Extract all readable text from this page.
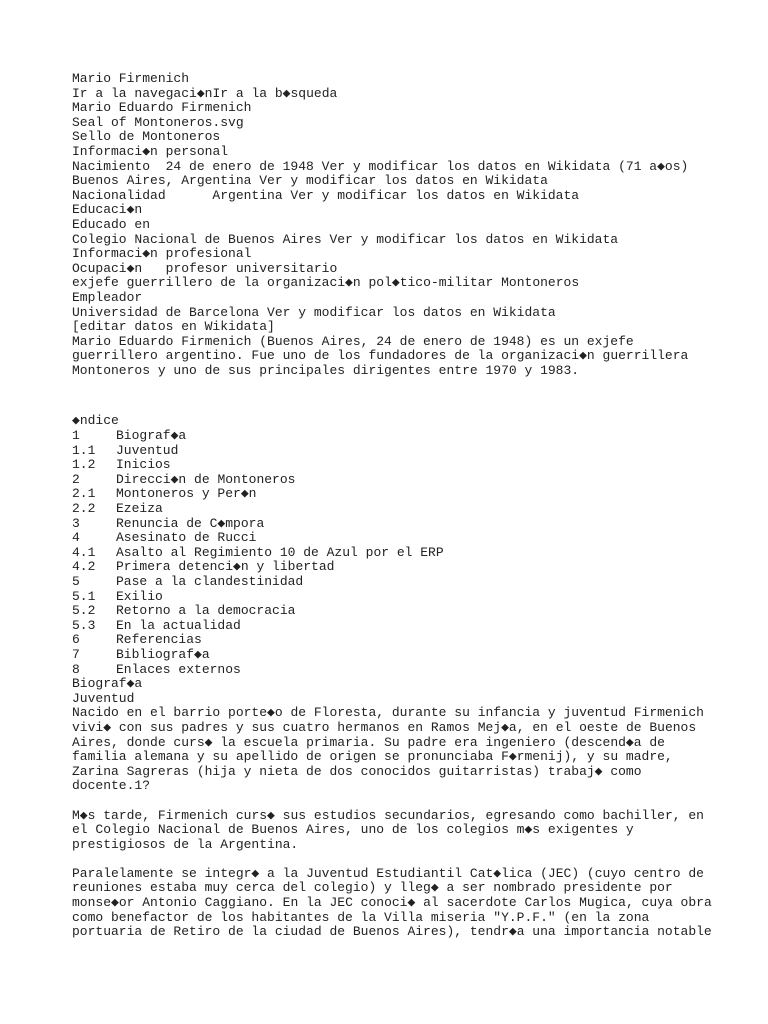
Mario Firmenich
Ir a la navegaci◆nIr a la b◆squeda
Mario Eduardo Firmenich
Seal of Montoneros.svg
Sello de Montoneros
Informaci◆n personal
Nacimiento  24 de enero de 1948 Ver y modificar los datos en Wikidata (71 a◆os)
Buenos Aires, Argentina Ver y modificar los datos en Wikidata
Nacionalidad      Argentina Ver y modificar los datos en Wikidata
Educaci◆n
Educado en
Colegio Nacional de Buenos Aires Ver y modificar los datos en Wikidata
Informaci◆n profesional
Ocupaci◆n   profesor universitario
exjefe guerrillero de la organizaci◆n pol◆tico-militar Montoneros
Empleador
Universidad de Barcelona Ver y modificar los datos en Wikidata
[editar datos en Wikidata]
Mario Eduardo Firmenich (Buenos Aires, 24 de enero de 1948) es un exjefe
guerrillero argentino. Fue uno de los fundadores de la organizaci◆n guerrillera
Montoneros y uno de sus principales dirigentes entre 1970 y 1983.
◆ndice
1	Biograf◆a
1.1	Juventud
1.2	Inicios
2	Direcci◆n de Montoneros
2.1	Montoneros y Per◆n
2.2	Ezeiza
3	Renuncia de C◆mpora
4	Asesinato de Rucci
4.1	Asalto al Regimiento 10 de Azul por el ERP
4.2	Primera detenci◆n y libertad
5	Pase a la clandestinidad
5.1	Exilio
5.2	Retorno a la democracia
5.3	En la actualidad
6	Referencias
7	Bibliograf◆a
8	Enlaces externos
Biograf◆a
Juventud
Nacido en el barrio porte◆o de Floresta, durante su infancia y juventud Firmenich
vivi◆ con sus padres y sus cuatro hermanos en Ramos Mej◆a, en el oeste de Buenos
Aires, donde curs◆ la escuela primaria. Su padre era ingeniero (descend◆a de
familia alemana y su apellido de origen se pronunciaba F◆rmenij), y su madre,
Zarina Sagreras (hija y nieta de dos conocidos guitarristas) trabaj◆ como
docente.1?
M◆s tarde, Firmenich curs◆ sus estudios secundarios, egresando como bachiller, en
el Colegio Nacional de Buenos Aires, uno de los colegios m◆s exigentes y
prestigiosos de la Argentina.
Paralelamente se integr◆ a la Juventud Estudiantil Cat◆lica (JEC) (cuyo centro de
reuniones estaba muy cerca del colegio) y lleg◆ a ser nombrado presidente por
monse◆or Antonio Caggiano. En la JEC conoci◆ al sacerdote Carlos Mugica, cuya obra
como benefactor de los habitantes de la Villa miseria "Y.P.F." (en la zona
portuaria de Retiro de la ciudad de Buenos Aires), tendr◆a una importancia notable
